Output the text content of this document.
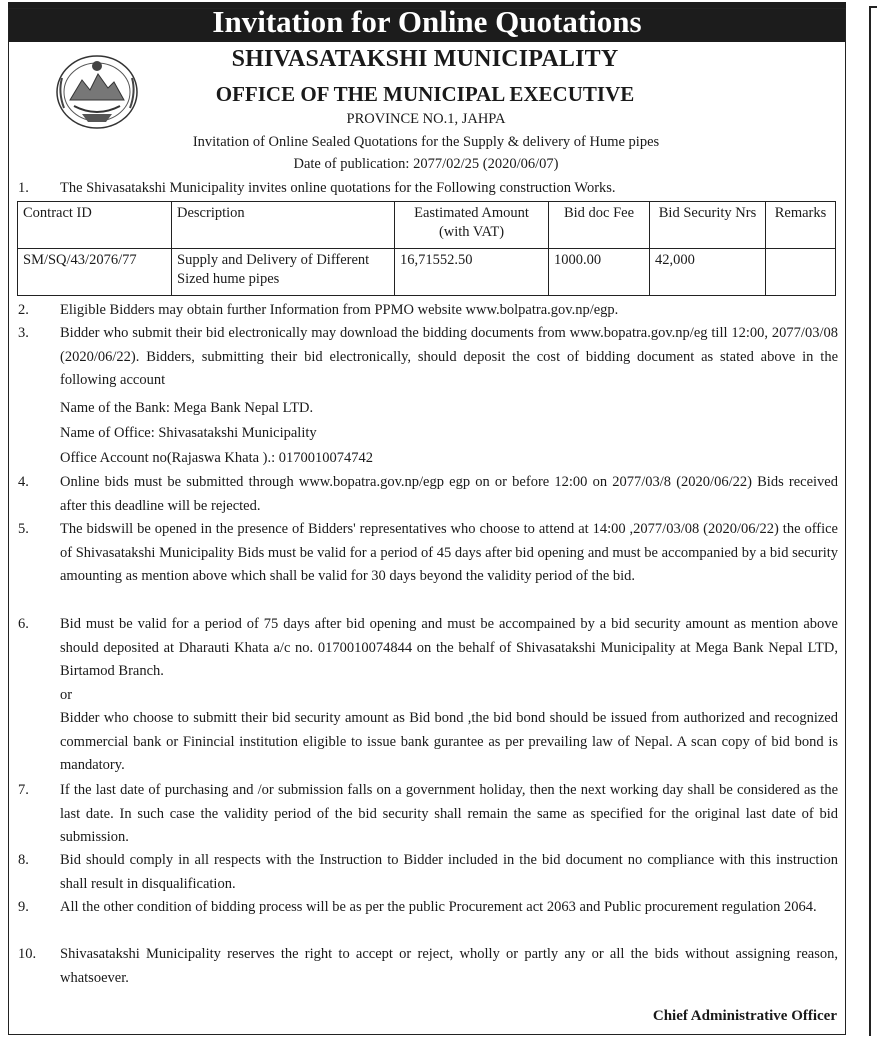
Invitation for Online Quotations
SHIVASATAKSHI MUNICIPALITY
OFFICE OF THE MUNICIPAL EXECUTIVE
PROVINCE NO.1, JAHPA
Invitation of Online Sealed Quotations for the Supply & delivery of Hume pipes
Date of publication: 2077/02/25 (2020/06/07)
1.	The Shivasatakshi Municipality invites online quotations for the Following construction Works.
Contract ID	Description	Eastimated Amount (with VAT)	Bid doc Fee	Bid Security Nrs	Remarks
SM/SQ/43/2076/77	Supply and Delivery of Different Sized hume pipes	16,71552.50	1000.00	42,000	
2.	Eligible Bidders may obtain further Information from PPMO website www.bolpatra.gov.np/egp.
3.	Bidder who submit their bid electronically may download the bidding documents from www.bopatra.gov.np/eg till 12:00, 2077/03/08 (2020/06/22). Bidders, submitting their bid electronically, should deposit the cost of bidding document as stated above in the following account
Name of the Bank: Mega Bank Nepal LTD.
Name of Office: Shivasatakshi Municipality
Office Account no(Rajaswa Khata ).: 0170010074742
4.	Online bids must be submitted through www.bopatra.gov.np/egp egp on or before 12:00 on 2077/03/8 (2020/06/22) Bids received after this deadline will be rejected.
5.	The bidswill be opened in the presence of Bidders' representatives who choose to attend at 14:00 ,2077/03/08 (2020/06/22) the office of Shivasatakshi Municipality Bids must be valid for a period of 45 days after bid opening and must be accompanied by a bid security amounting as mention above which shall be valid for 30 days beyond the validity period of the bid.
6.	Bid must be valid for a period of 75 days after bid opening and must be accompained by a bid security amount as mention above should deposited at Dharauti Khata a/c no. 0170010074844 on the behalf of Shivasatakshi Municipality at Mega Bank Nepal LTD, Birtamod Branch.
or
Bidder who choose to submitt their bid security amount as Bid bond ,the bid bond should be issued from authorized and recognized commercial bank or Finincial institution eligible to issue bank gurantee as per prevailing law of Nepal. A scan copy of bid bond is mandatory.
7.	If the last date of purchasing and /or submission falls on a government holiday, then the next working day shall be considered as the last date. In such case the validity period of the bid security shall remain the same as specified for the original last date of bid submission.
8.	Bid should comply in all respects with the Instruction to Bidder included in the bid document no compliance with this instruction shall result in disqualification.
9.	All the other condition of bidding process will be as per the public Procurement act 2063 and Public procurement regulation 2064.
10.	Shivasatakshi Municipality reserves the right to accept or reject, wholly or partly any or all the bids without assigning reason, whatsoever.
Chief Administrative Officer
